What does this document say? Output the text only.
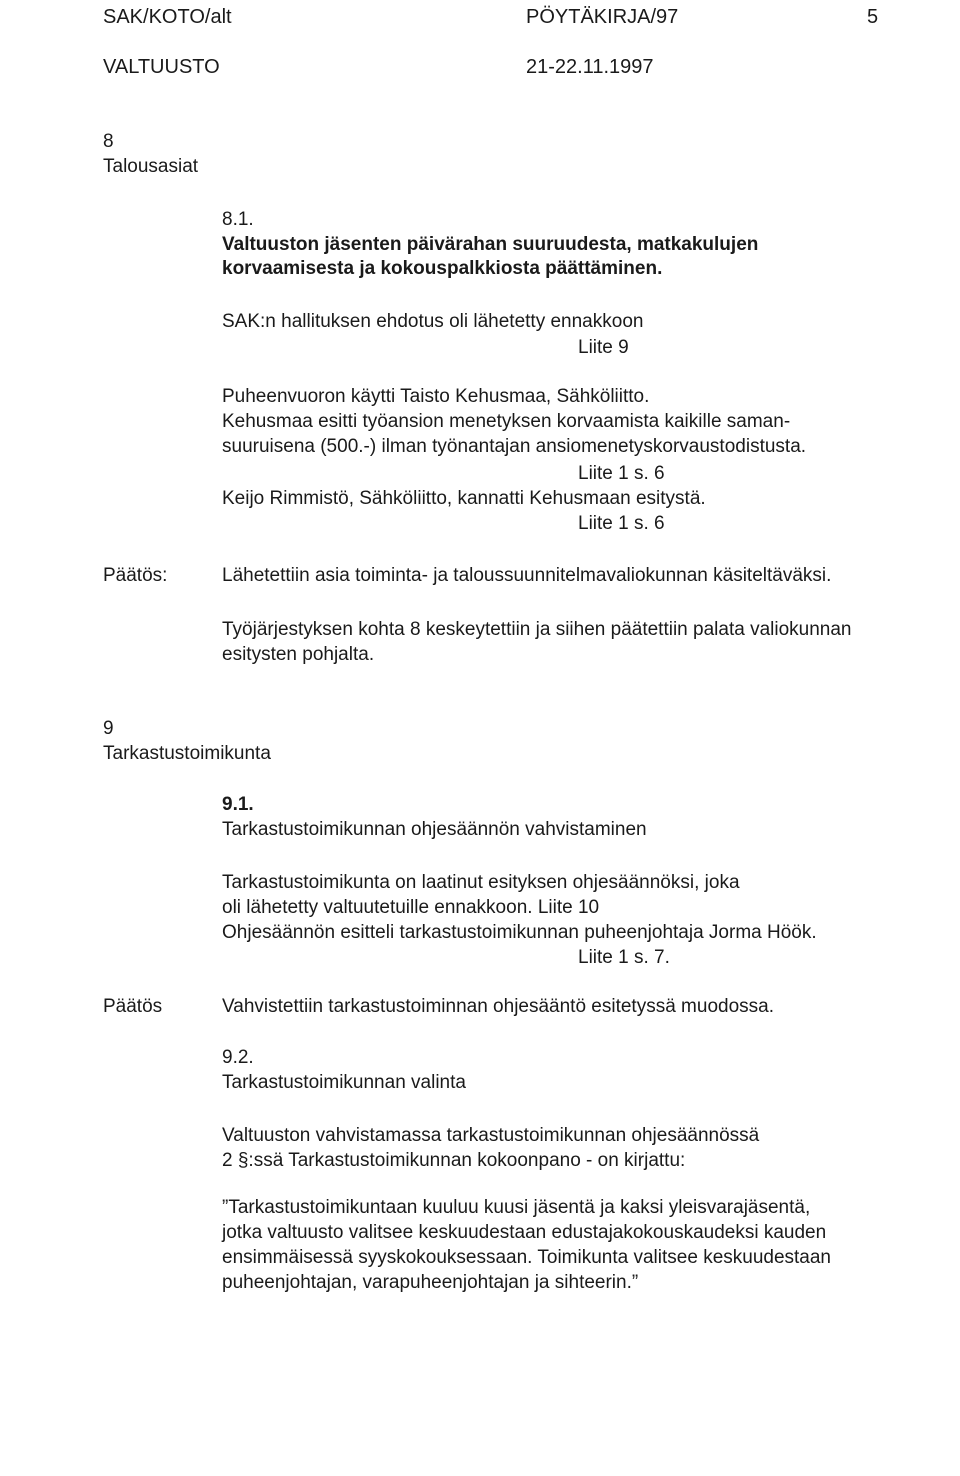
SAK/KOTO/alt	PÖYTÄKIRJA/97	5
VALTUUSTO	21-22.11.1997
8
Talousasiat
8.1.
Valtuuston jäsenten päivärahan suuruudesta, matkakulujen
korvaamisesta ja kokouspalkkiosta päättäminen.
SAK:n hallituksen ehdotus oli lähetetty ennakkoon
Liite 9
Puheenvuoron käytti Taisto Kehusmaa, Sähköliitto.
Kehusmaa esitti työansion menetyksen korvaamista kaikille saman-
suuruisena (500.-) ilman työnantajan ansiomenetyskorvaustodistusta.
Liite 1 s. 6
Keijo Rimmistö, Sähköliitto, kannatti Kehusmaan esitystä.
Liite 1 s. 6
Päätös:	Lähetettiin asia toiminta- ja taloussuunnitelmavaliokunnan käsiteltäväksi.
Työjärjestyksen kohta 8 keskeytettiin ja siihen päätettiin palata valiokunnan
esitysten pohjalta.
9
Tarkastustoimikunta
9.1.
Tarkastustoimikunnan ohjesäännön vahvistaminen
Tarkastustoimikunta on laatinut esityksen ohjesäännöksi, joka
oli lähetetty valtuutetuille ennakkoon. Liite 10
Ohjesäännön esitteli tarkastustoimikunnan puheenjohtaja Jorma Höök.
Liite 1 s. 7.
Päätös	Vahvistettiin tarkastustoiminnan ohjesääntö esitetyssä muodossa.
9.2.
Tarkastustoimikunnan valinta
Valtuuston vahvistamassa tarkastustoimikunnan ohjesäännössä
2 §:ssä Tarkastustoimikunnan kokoonpano - on kirjattu:
”Tarkastustoimikuntaan kuuluu kuusi jäsentä ja kaksi yleisvarajäsentä,
jotka valtuusto valitsee keskuudestaan edustajakokouskaudeksi kauden
ensimmäisessä syyskokouksessaan. Toimikunta valitsee keskuudestaan
puheenjohtajan, varapuheenjohtajan ja sihteerin.”
